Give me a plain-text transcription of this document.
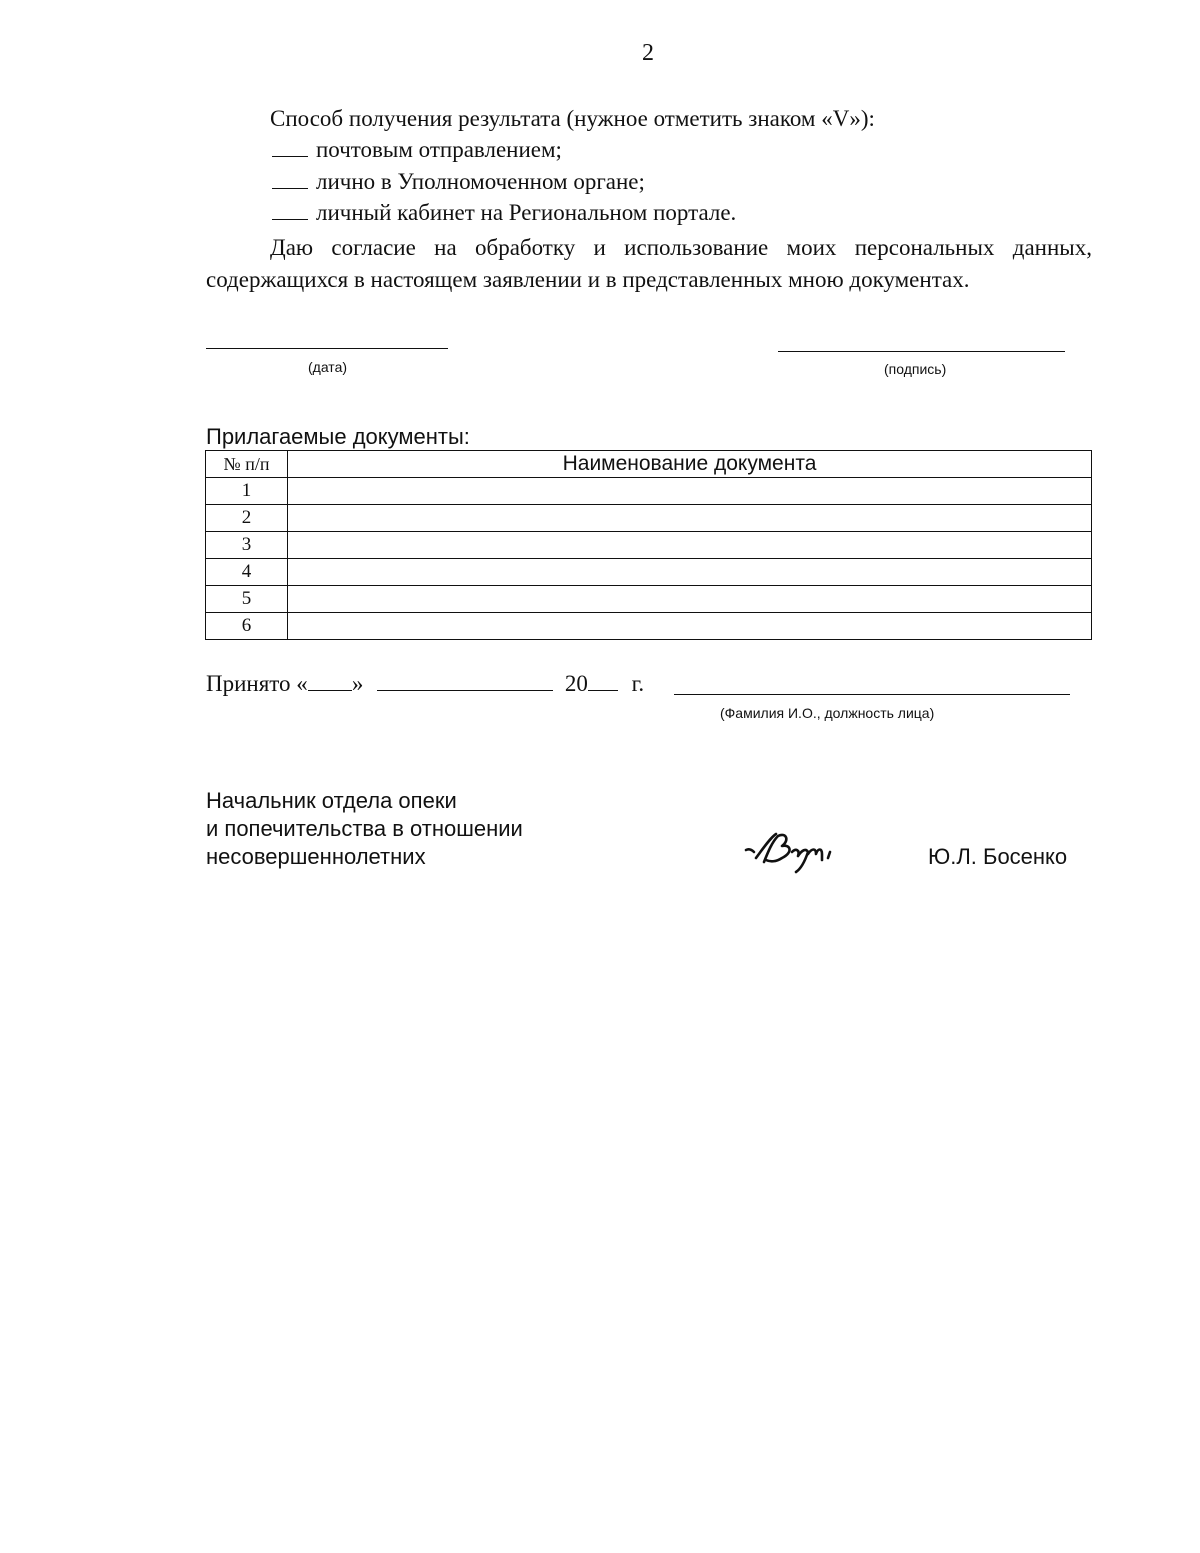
2
Способ получения результата (нужное отметить знаком «V»):
почтовым отправлением;
лично в Уполномоченном органе;
личный кабинет на Региональном портале.
Даю согласие на обработку и использование моих персональных данных, содержащихся в настоящем заявлении и в представленных мною документах.
(дата)	(подпись)
Прилагаемые документы:
№ п/п	Наименование документа
1	
2	
3	
4	
5	
6	
Принято « »	20 г.
(Фамилия И.О., должность лица)
Начальник отдела опеки
и попечительства в отношении
несовершеннолетних	Ю.Л. Босенко
